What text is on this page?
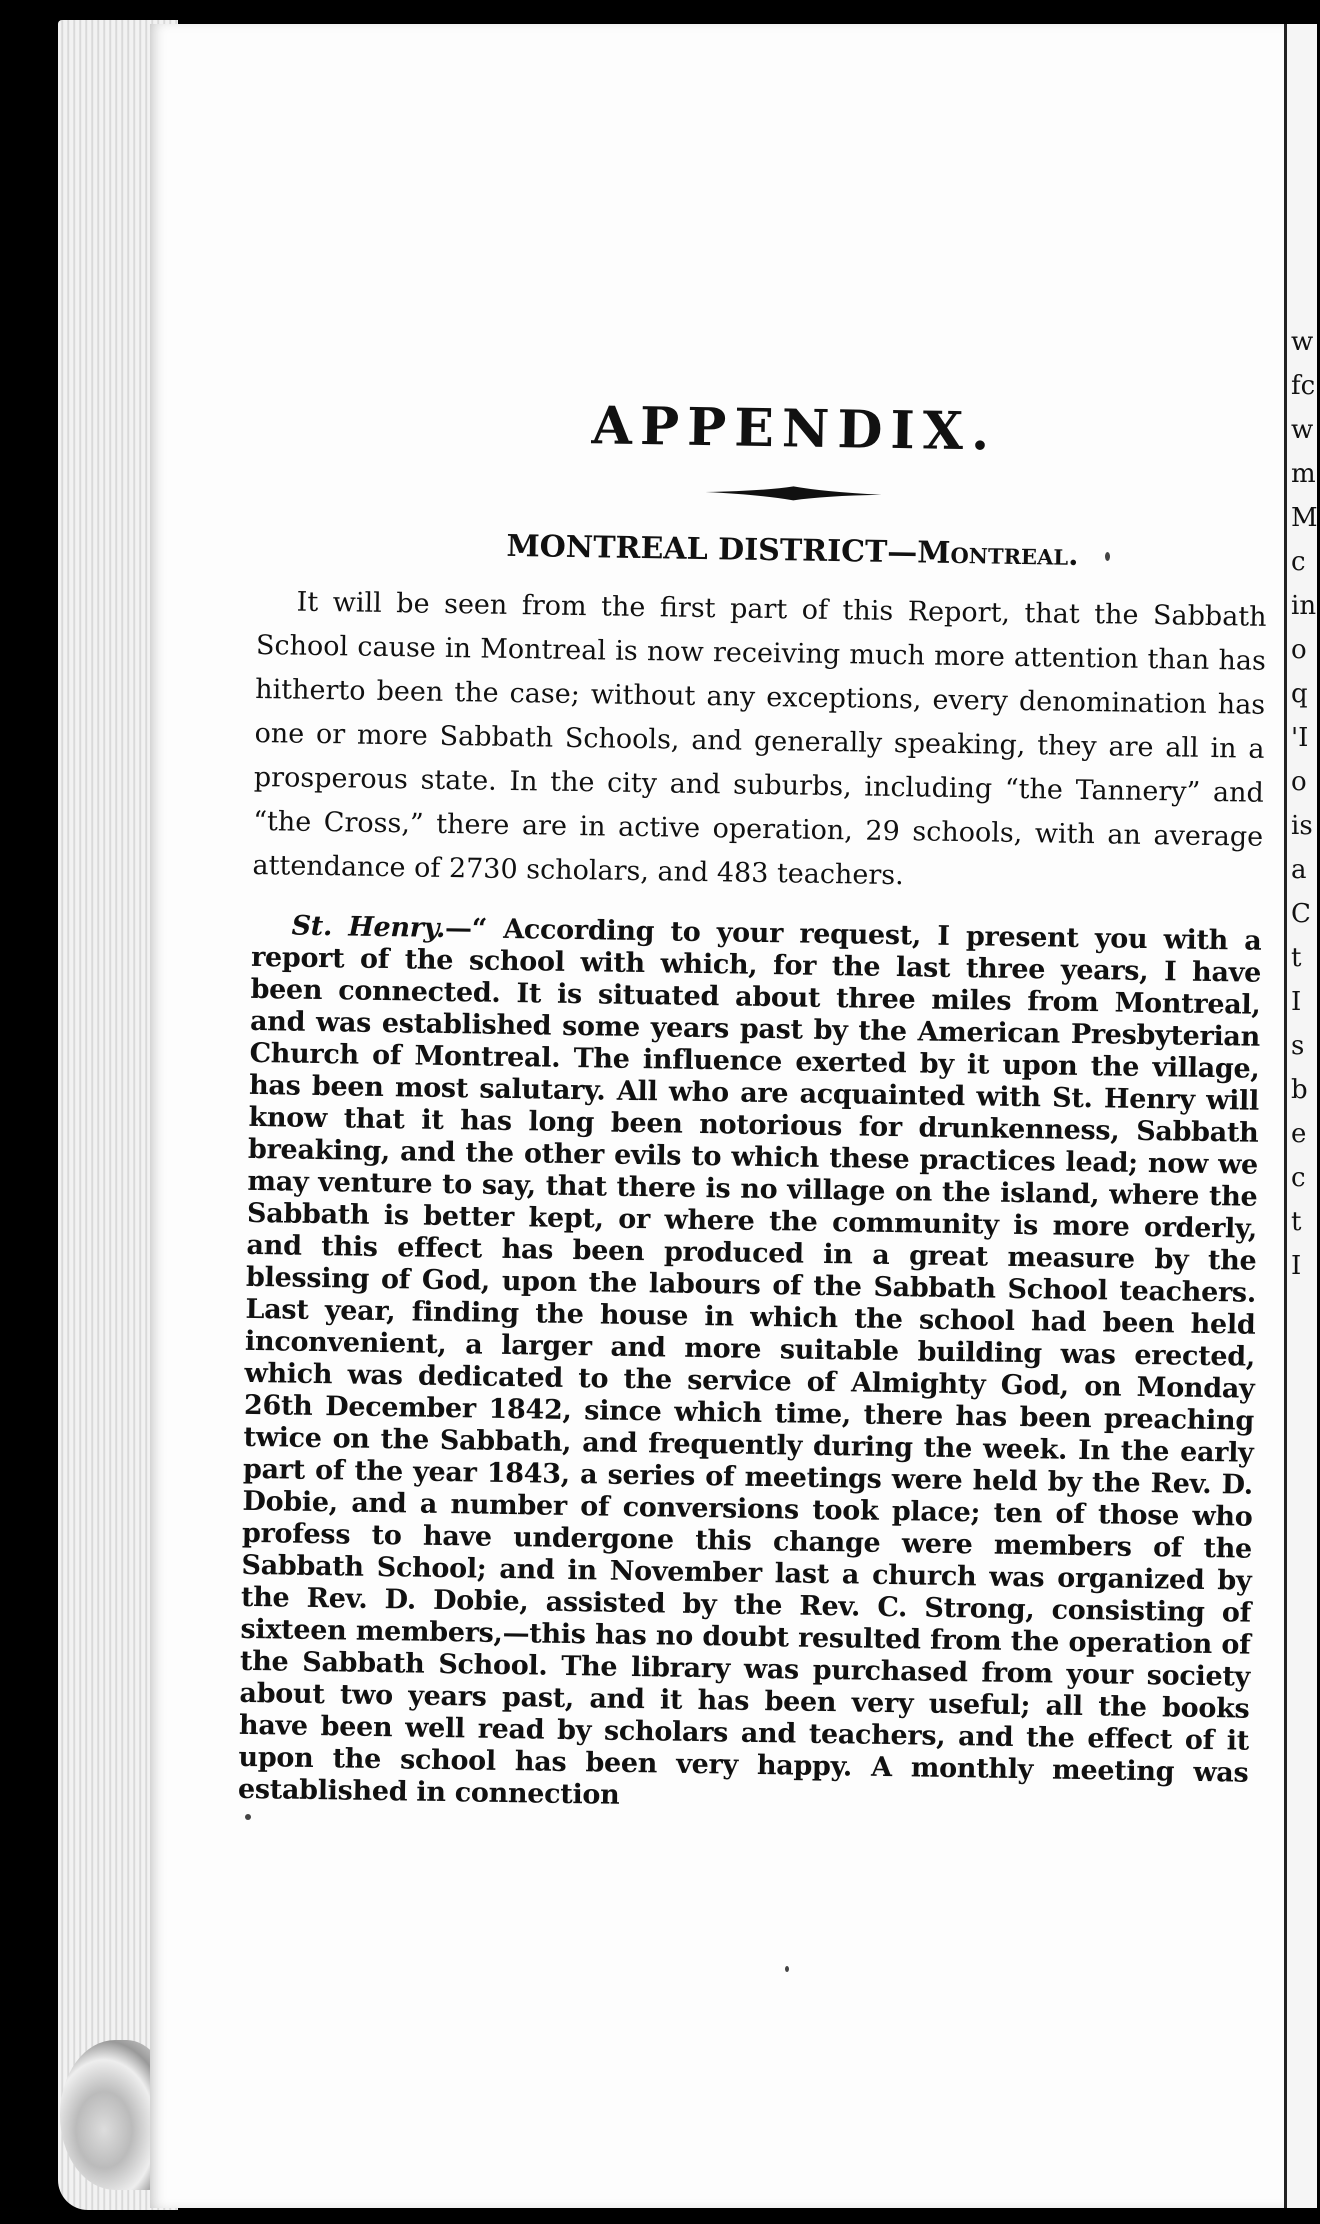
w
fc
w
m
M
c
in
o
q
'I
o
is
a
C
t
I
s
b
e
c
t
I
APPENDIX.
MONTREAL DISTRICT—Montreal.

It will be seen from the first part of this Report, that the Sabbath School cause in Montreal is now receiving much more attention than has hitherto been the case; without any exceptions, every denomination has one or more Sabbath Schools, and generally speaking, they are all in a prosperous state. In the city and suburbs, including “the Tannery” and “the Cross,” there are in active operation, 29 schools, with an average attendance of 2730 scholars, and 483 teachers.

St. Henry.—“ According to your request, I present you with a report of the school with which, for the last three years, I have been connected. It is situated about three miles from Montreal, and was established some years past by the American Presbyterian Church of Montreal. The influence exerted by it upon the village, has been most salutary. All who are acquainted with St. Henry will know that it has long been notorious for drunkenness, Sabbath breaking, and the other evils to which these practices lead; now we may venture to say, that there is no village on the island, where the Sabbath is better kept, or where the community is more orderly, and this effect has been produced in a great measure by the blessing of God, upon the labours of the Sabbath School teachers. Last year, finding the house in which the school had been held inconvenient, a larger and more suitable building was erected, which was dedicated to the service of Almighty God, on Monday 26th December 1842, since which time, there has been preaching twice on the Sabbath, and frequently during the week. In the early part of the year 1843, a series of meetings were held by the Rev. D. Dobie, and a number of conversions took place; ten of those who profess to have undergone this change were members of the Sabbath School; and in November last a church was organized by the Rev. D. Dobie, assisted by the Rev. C. Strong, consisting of sixteen members,—this has no doubt resulted from the operation of the Sabbath School. The library was purchased from your society about two years past, and it has been very useful; all the books have been well read by scholars and teachers, and the effect of it upon the school has been very happy. A monthly meeting was established in connection
